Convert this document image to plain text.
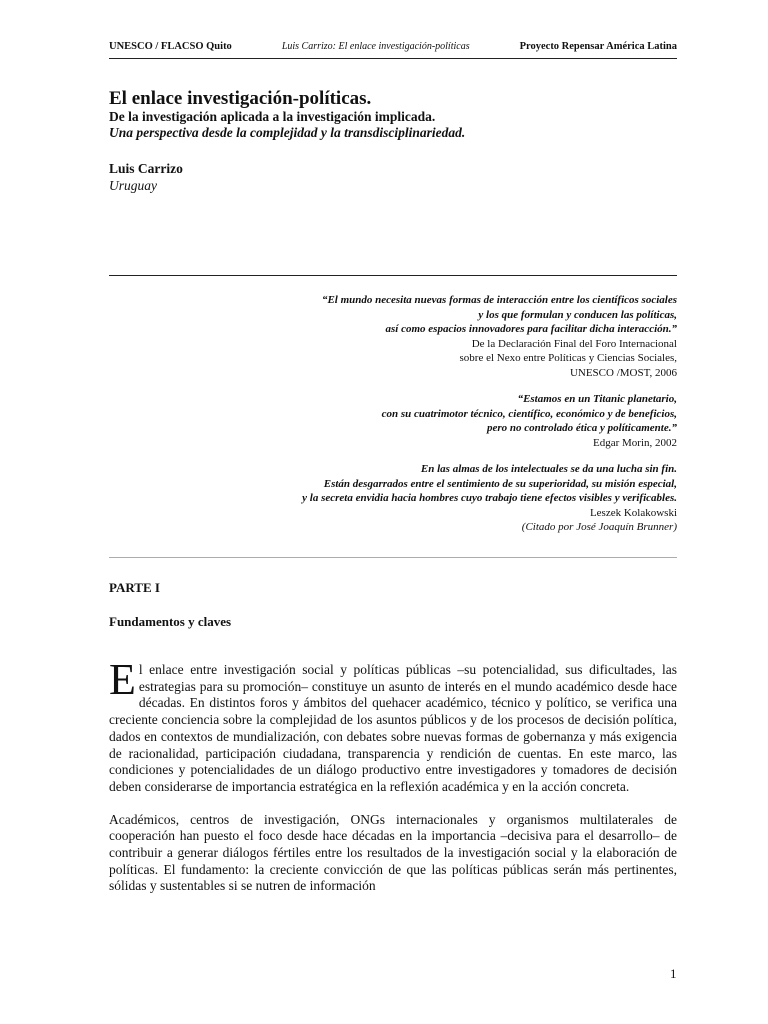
UNESCO / FLACSO Quito	Luis Carrizo: El enlace investigación-políticas	Proyecto Repensar América Latina
El enlace investigación-políticas.
De la investigación aplicada a la investigación implicada.
Una perspectiva desde la complejidad y la transdisciplinariedad.
Luis Carrizo
Uruguay
“El mundo necesita nuevas formas de interacción entre los científicos sociales
y los que formulan y conducen las políticas,
así como espacios innovadores para facilitar dicha interacción.”
De la Declaración Final del Foro Internacional
sobre el Nexo entre Políticas y Ciencias Sociales,
UNESCO /MOST, 2006
“Estamos en un Titanic planetario,
con su cuatrimotor técnico, científico, económico y de beneficios,
pero no controlado ética y políticamente.”
Edgar Morin, 2002
En las almas de los intelectuales se da una lucha sin fin.
Están desgarrados entre el sentimiento de su superioridad, su misión especial,
y la secreta envidia hacia hombres cuyo trabajo tiene efectos visibles y verificables.
Leszek Kolakowski
(Citado por José Joaquín Brunner)
PARTE I
Fundamentos y claves

El enlace entre investigación social y políticas públicas –su potencialidad, sus dificultades, las estrategias para su promoción– constituye un asunto de interés en el mundo académico desde hace décadas. En distintos foros y ámbitos del quehacer académico, técnico y político, se verifica una creciente conciencia sobre la complejidad de los asuntos públicos y de los procesos de decisión política, dados en contextos de mundialización, con debates sobre nuevas formas de gobernanza y más exigencia de racionalidad, participación ciudadana, transparencia y rendición de cuentas. En este marco, las condiciones y potencialidades de un diálogo productivo entre investigadores y tomadores de decisión deben considerarse de importancia estratégica en la reflexión académica y en la acción concreta.

Académicos, centros de investigación, ONGs internacionales y organismos multilaterales de cooperación han puesto el foco desde hace décadas en la importancia –decisiva para el desarrollo– de contribuir a generar diálogos fértiles entre los resultados de la investigación social y la elaboración de políticas. El fundamento: la creciente convicción de que las políticas públicas serán más pertinentes, sólidas y sustentables si se nutren de información

1
